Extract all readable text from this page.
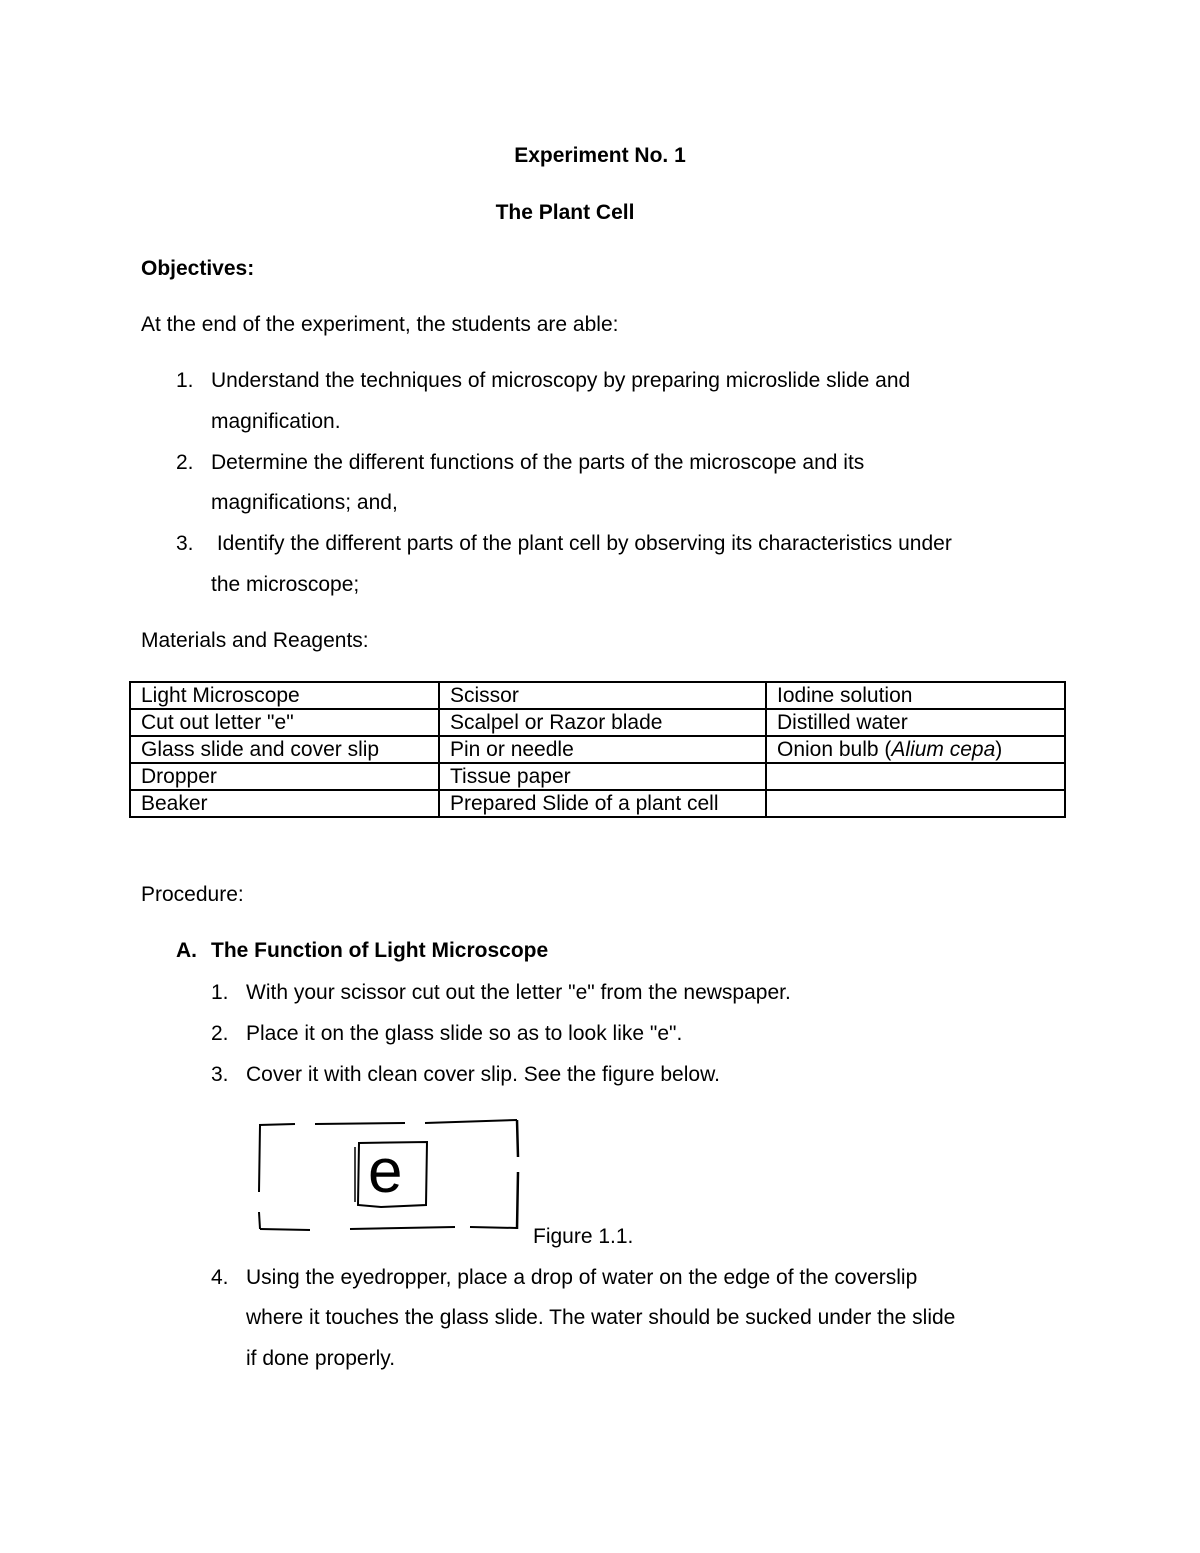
Experiment No. 1
The Plant Cell
Objectives:
At the end of the experiment, the students are able:
1. Understand the techniques of microscopy by preparing microslide slide and
magnification.
2. Determine the different functions of the parts of the microscope and its
magnifications; and,
3. Identify the different parts of the plant cell by observing its characteristics under
the microscope;
Materials and Reagents:
Light Microscope	Scissor	Iodine solution
Cut out letter "e"	Scalpel or Razor blade	Distilled water
Glass slide and cover slip	Pin or needle	Onion bulb (Alium cepa)
Dropper	Tissue paper	
Beaker	Prepared Slide of a plant cell	
Procedure:
A. The Function of Light Microscope
1. With your scissor cut out the letter "e" from the newspaper.
2. Place it on the glass slide so as to look like "e".
3. Cover it with clean cover slip. See the figure below.
e
Figure 1.1.
4. Using the eyedropper, place a drop of water on the edge of the coverslip
where it touches the glass slide. The water should be sucked under the slide
if done properly.
